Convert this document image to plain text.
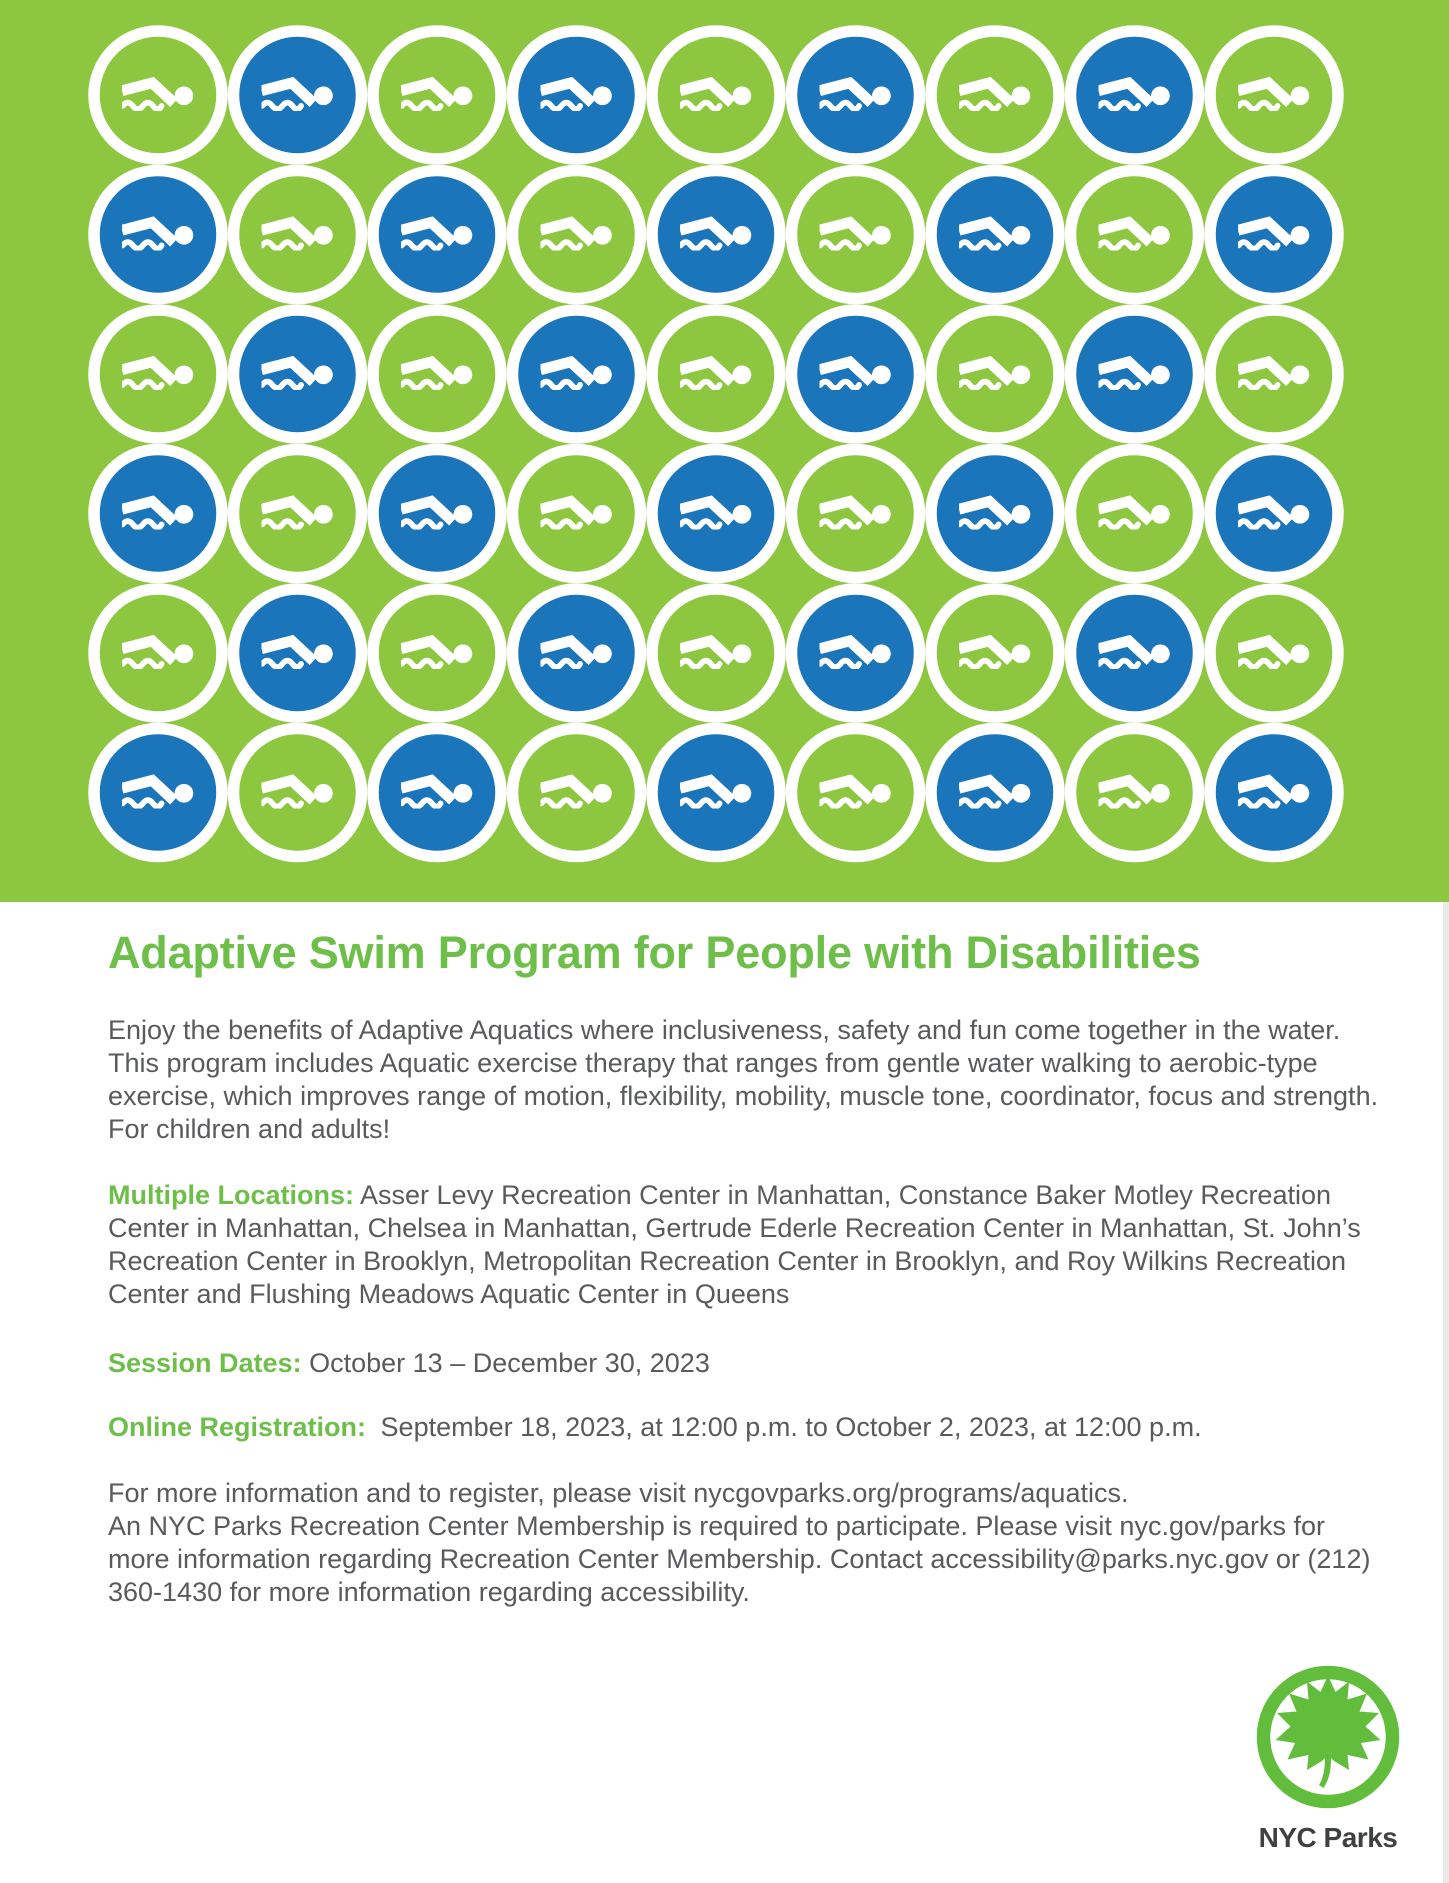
Adaptive Swim Program for People with Disabilities

Enjoy the benefits of Adaptive Aquatics where inclusiveness, safety and fun come together in the water. This program includes Aquatic exercise therapy that ranges from gentle water walking to aerobic-type exercise, which improves range of motion, flexibility, mobility, muscle tone, coordinator, focus and strength. For children and adults!

Multiple Locations: Asser Levy Recreation Center in Manhattan, Constance Baker Motley Recreation Center in Manhattan, Chelsea in Manhattan, Gertrude Ederle Recreation Center in Manhattan, St. John’s Recreation Center in Brooklyn, Metropolitan Recreation Center in Brooklyn, and Roy Wilkins Recreation Center and Flushing Meadows Aquatic Center in Queens

Session Dates: October 13 – December 30, 2023

Online Registration: September 18, 2023, at 12:00 p.m. to October 2, 2023, at 12:00 p.m.

For more information and to register, please visit nycgovparks.org/programs/aquatics.
An NYC Parks Recreation Center Membership is required to participate. Please visit nyc.gov/parks for more information regarding Recreation Center Membership. Contact accessibility@parks.nyc.gov or (212) 360-1430 for more information regarding accessibility.

NYC Parks
